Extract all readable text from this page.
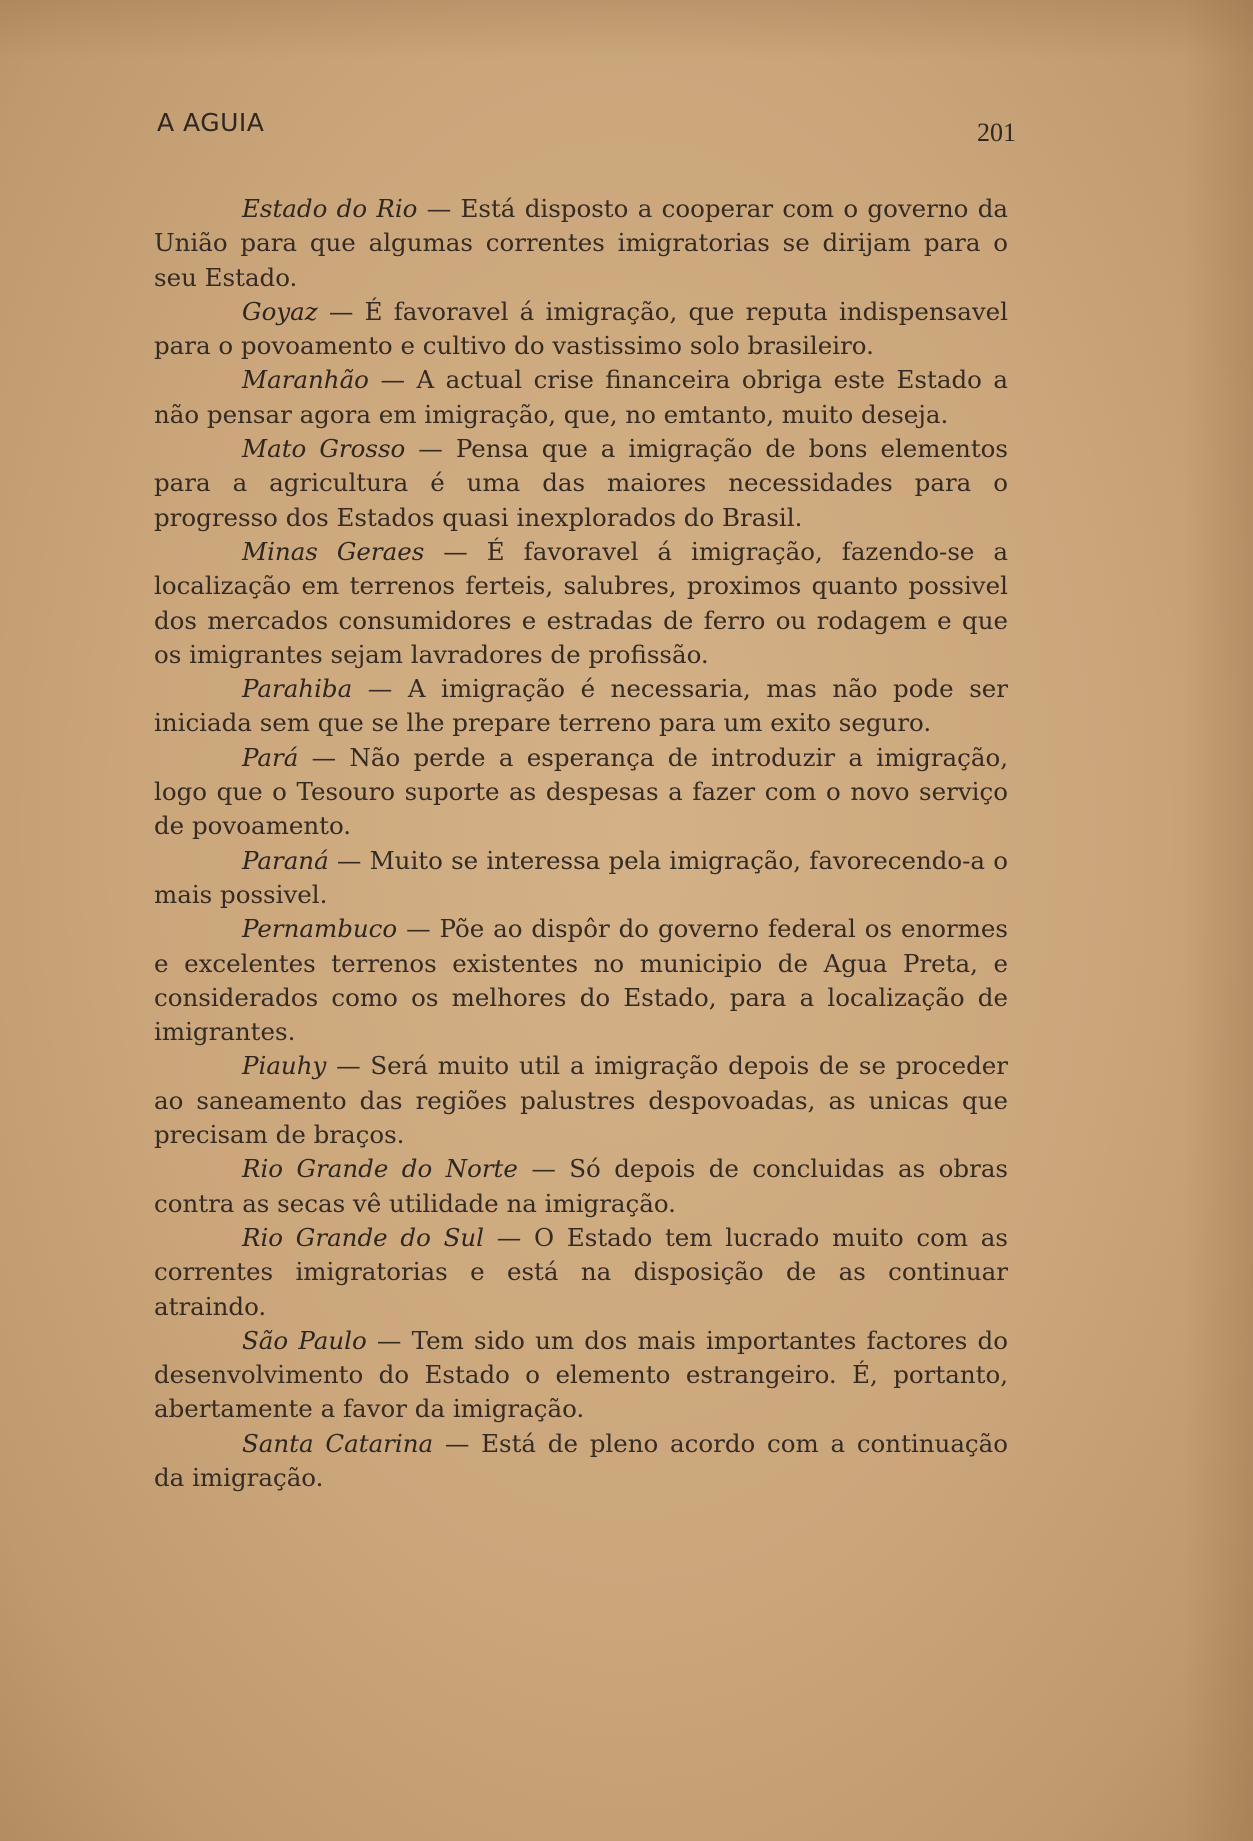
A AGUIA	201

Estado do Rio — Está disposto a cooperar com o governo da União para que algumas correntes imigratorias se dirijam para o seu Estado.

Goyaz — É favoravel á imigração, que reputa indispensavel para o povoamento e cultivo do vastissimo solo brasileiro.

Maranhão — A actual crise financeira obriga este Estado a não pensar agora em imigração, que, no emtanto, muito deseja.

Mato Grosso — Pensa que a imigração de bons elementos para a agricultura é uma das maiores necessidades para o progresso dos Estados quasi inexplorados do Brasil.

Minas Geraes — É favoravel á imigração, fazendo-se a localização em terrenos ferteis, salubres, proximos quanto possivel dos mercados consumidores e estradas de ferro ou rodagem e que os imigrantes sejam lavradores de profissão.

Parahiba — A imigração é necessaria, mas não pode ser iniciada sem que se lhe prepare terreno para um exito seguro.

Pará — Não perde a esperança de introduzir a imigração, logo que o Tesouro suporte as despesas a fazer com o novo serviço de povoamento.

Paraná — Muito se interessa pela imigração, favorecendo-a o mais possivel.

Pernambuco — Põe ao dispôr do governo federal os enormes e excelentes terrenos existentes no municipio de Agua Preta, e considerados como os melhores do Estado, para a localização de imigrantes.

Piauhy — Será muito util a imigração depois de se proceder ao saneamento das regiões palustres despovoadas, as unicas que precisam de braços.

Rio Grande do Norte — Só depois de concluidas as obras contra as secas vê utilidade na imigração.

Rio Grande do Sul — O Estado tem lucrado muito com as correntes imigratorias e está na disposição de as continuar atraindo.

São Paulo — Tem sido um dos mais importantes factores do desenvolvimento do Estado o elemento estrangeiro. É, portanto, abertamente a favor da imigração.

Santa Catarina — Está de pleno acordo com a continuação da imigração.
